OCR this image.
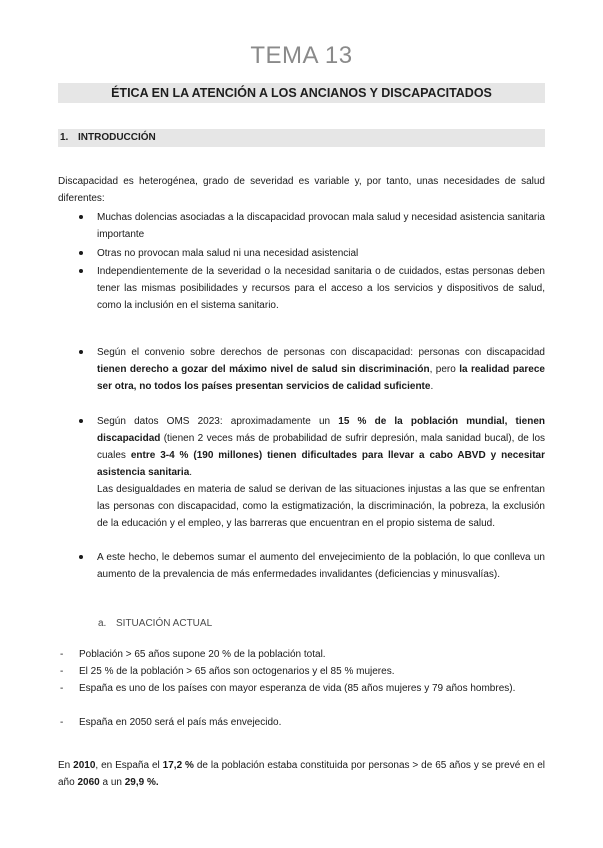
TEMA 13
ÉTICA EN LA ATENCIÓN A LOS ANCIANOS Y DISCAPACITADOS
1. INTRODUCCIÓN
Discapacidad es heterogénea, grado de severidad es variable y, por tanto, unas necesidades de salud diferentes:
Muchas dolencias asociadas a la discapacidad provocan mala salud y necesidad asistencia sanitaria importante
Otras no provocan mala salud ni una necesidad asistencial
Independientemente de la severidad o la necesidad sanitaria o de cuidados, estas personas deben tener las mismas posibilidades y recursos para el acceso a los servicios y dispositivos de salud, como la inclusión en el sistema sanitario.
Según el convenio sobre derechos de personas con discapacidad: personas con discapacidad tienen derecho a gozar del máximo nivel de salud sin discriminación, pero la realidad parece ser otra, no todos los países presentan servicios de calidad suficiente.
Según datos OMS 2023: aproximadamente un 15 % de la población mundial, tienen discapacidad (tienen 2 veces más de probabilidad de sufrir depresión, mala sanidad bucal), de los cuales entre 3-4 % (190 millones) tienen dificultades para llevar a cabo ABVD y necesitar asistencia sanitaria.
Las desigualdades en materia de salud se derivan de las situaciones injustas a las que se enfrentan las personas con discapacidad, como la estigmatización, la discriminación, la pobreza, la exclusión de la educación y el empleo, y las barreras que encuentran en el propio sistema de salud.
A este hecho, le debemos sumar el aumento del envejecimiento de la población, lo que conlleva un aumento de la prevalencia de más enfermedades invalidantes (deficiencias y minusvalías).
a. SITUACIÓN ACTUAL
- Población > 65 años supone 20 % de la población total.
- El 25 % de la población > 65 años son octogenarios y el 85 % mujeres.
- España es uno de los países con mayor esperanza de vida (85 años mujeres y 79 años hombres).
- España en 2050 será el país más envejecido.
En 2010, en España el 17,2 % de la población estaba constituida por personas > de 65 años y se prevé en el año 2060 a un 29,9 %.
